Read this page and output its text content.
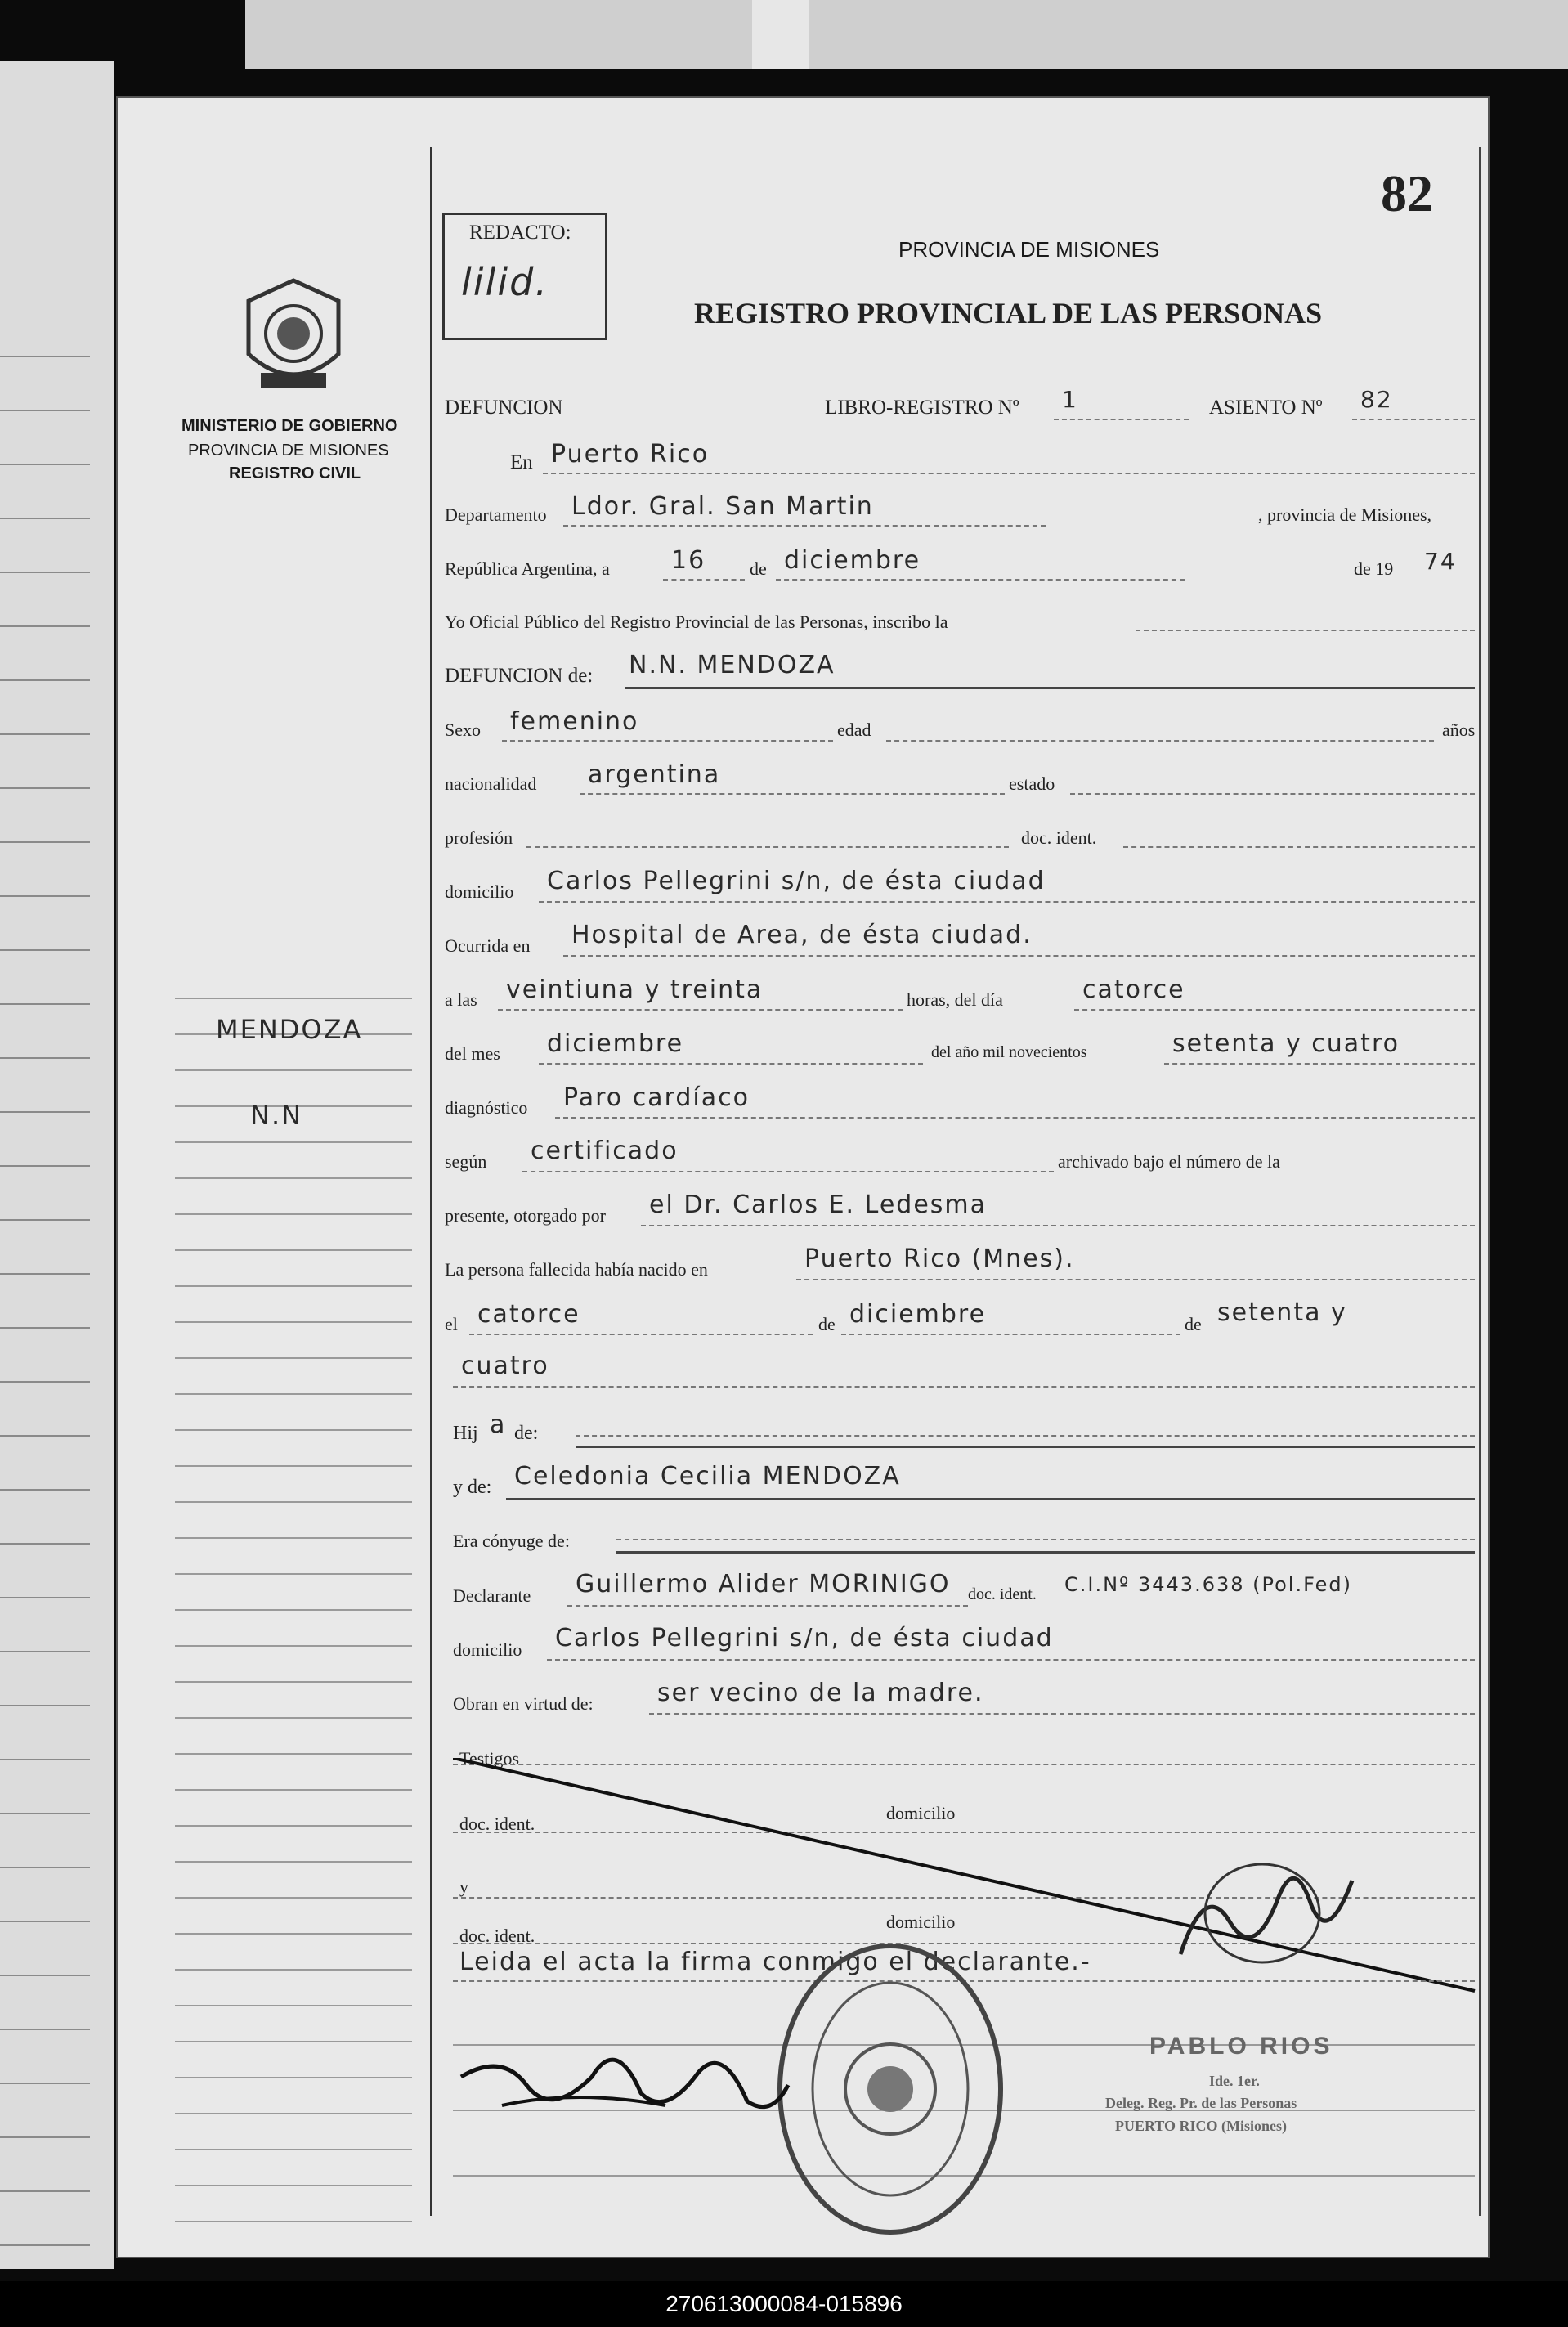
82
REDACTO:
lilid.
PROVINCIA DE MISIONES
REGISTRO PROVINCIAL DE LAS PERSONAS
MINISTERIO DE GOBIERNO
PROVINCIA DE MISIONES
REGISTRO CIVIL
MENDOZA
N.N
DEFUNCION	LIBRO-REGISTRO Nº 1	ASIENTO Nº 82
En Puerto Rico
Departamento Ldor. Gral. San Martin	, provincia de Misiones,
República Argentina, a	16 de diciembre	de 19 74
Yo Oficial Público del Registro Provincial de las Personas, inscribo la
DEFUNCION de: N.N. MENDOZA
Sexo femenino	edad	años
nacionalidad argentina	estado
profesión	doc. ident.
domicilio Carlos Pellegrini s/n, de ésta ciudad
Ocurrida en Hospital de Area, de ésta ciudad.
a las veintiuna y treinta	horas, del día	catorce
del mes diciembre	del año mil novecientos	setenta y cuatro
diagnóstico Paro cardíaco
según certificado	archivado bajo el número de la
presente, otorgado por el Dr. Carlos E. Ledesma
La persona fallecida había nacido en	Puerto Rico (Mnes).
el catorce	de diciembre	de setenta y
cuatro
Hij a de:
y de: Celedonia Cecilia MENDOZA
Era cónyuge de:
Declarante Guillermo Alider MORINIGO doc. ident. C.I.Nº 3443.638 (Pol.Fed)
domicilio Carlos Pellegrini s/n, de ésta ciudad
Obran en virtud de:	ser vecino de la madre.
Testigos
doc. ident.
domicilio
y
doc. ident.
domicilio
Leida el acta la firma conmigo el declarante.-
PABLO RIOS
Ide. 1er.
Deleg. Reg. Pr. de las Personas
PUERTO RICO (Misiones)
270613000084-015896
